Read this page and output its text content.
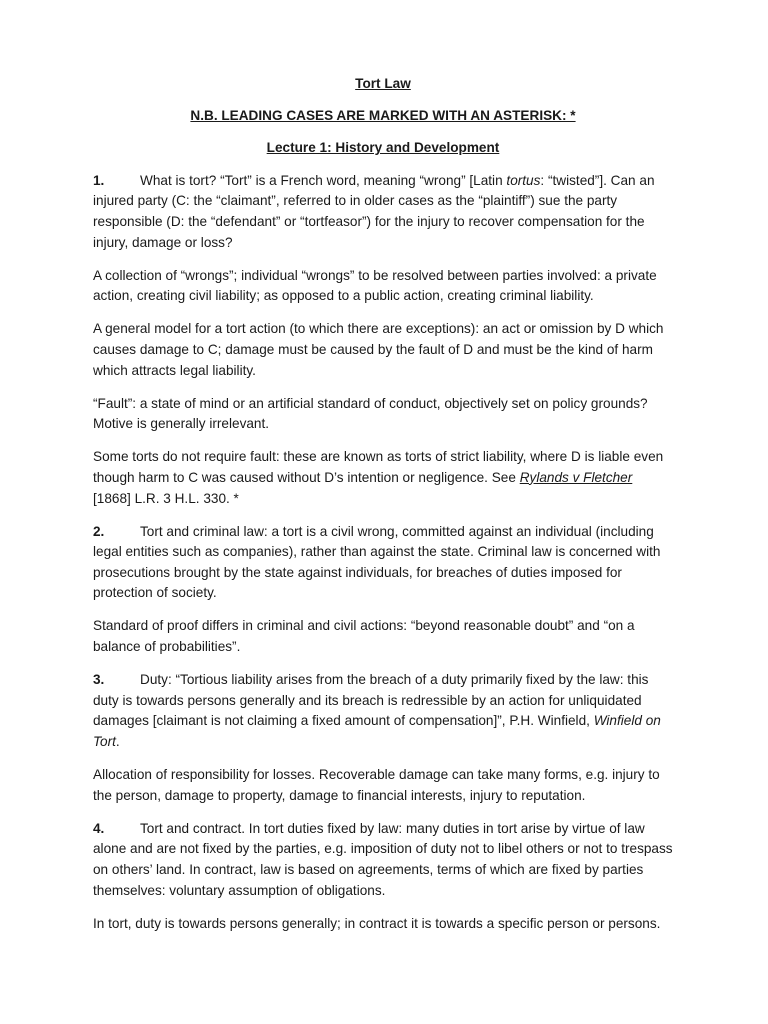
Tort Law
N.B. LEADING CASES ARE MARKED WITH AN ASTERISK: *
Lecture 1: History and Development

1.	What is tort? “Tort” is a French word, meaning “wrong” [Latin tortus: “twisted”]. Can an injured party (C: the “claimant”, referred to in older cases as the “plaintiff”) sue the party responsible (D: the “defendant” or “tortfeasor”) for the injury to recover compensation for the injury, damage or loss?

A collection of “wrongs”; individual “wrongs” to be resolved between parties involved: a private action, creating civil liability; as opposed to a public action, creating criminal liability.

A general model for a tort action (to which there are exceptions): an act or omission by D which causes damage to C; damage must be caused by the fault of D and must be the kind of harm which attracts legal liability.

“Fault”: a state of mind or an artificial standard of conduct, objectively set on policy grounds? Motive is generally irrelevant.

Some torts do not require fault: these are known as torts of strict liability, where D is liable even though harm to C was caused without D’s intention or negligence. See Rylands v Fletcher [1868] L.R. 3 H.L. 330. *

2.	Tort and criminal law: a tort is a civil wrong, committed against an individual (including legal entities such as companies), rather than against the state. Criminal law is concerned with prosecutions brought by the state against individuals, for breaches of duties imposed for protection of society.

Standard of proof differs in criminal and civil actions: “beyond reasonable doubt” and “on a balance of probabilities”.

3.	Duty: “Tortious liability arises from the breach of a duty primarily fixed by the law: this duty is towards persons generally and its breach is redressible by an action for unliquidated damages [claimant is not claiming a fixed amount of compensation]”, P.H. Winfield, Winfield on Tort.

Allocation of responsibility for losses. Recoverable damage can take many forms, e.g. injury to the person, damage to property, damage to financial interests, injury to reputation.

4.	Tort and contract. In tort duties fixed by law: many duties in tort arise by virtue of law alone and are not fixed by the parties, e.g. imposition of duty not to libel others or not to trespass on others’ land. In contract, law is based on agreements, terms of which are fixed by parties themselves: voluntary assumption of obligations.

In tort, duty is towards persons generally; in contract it is towards a specific person or persons.
